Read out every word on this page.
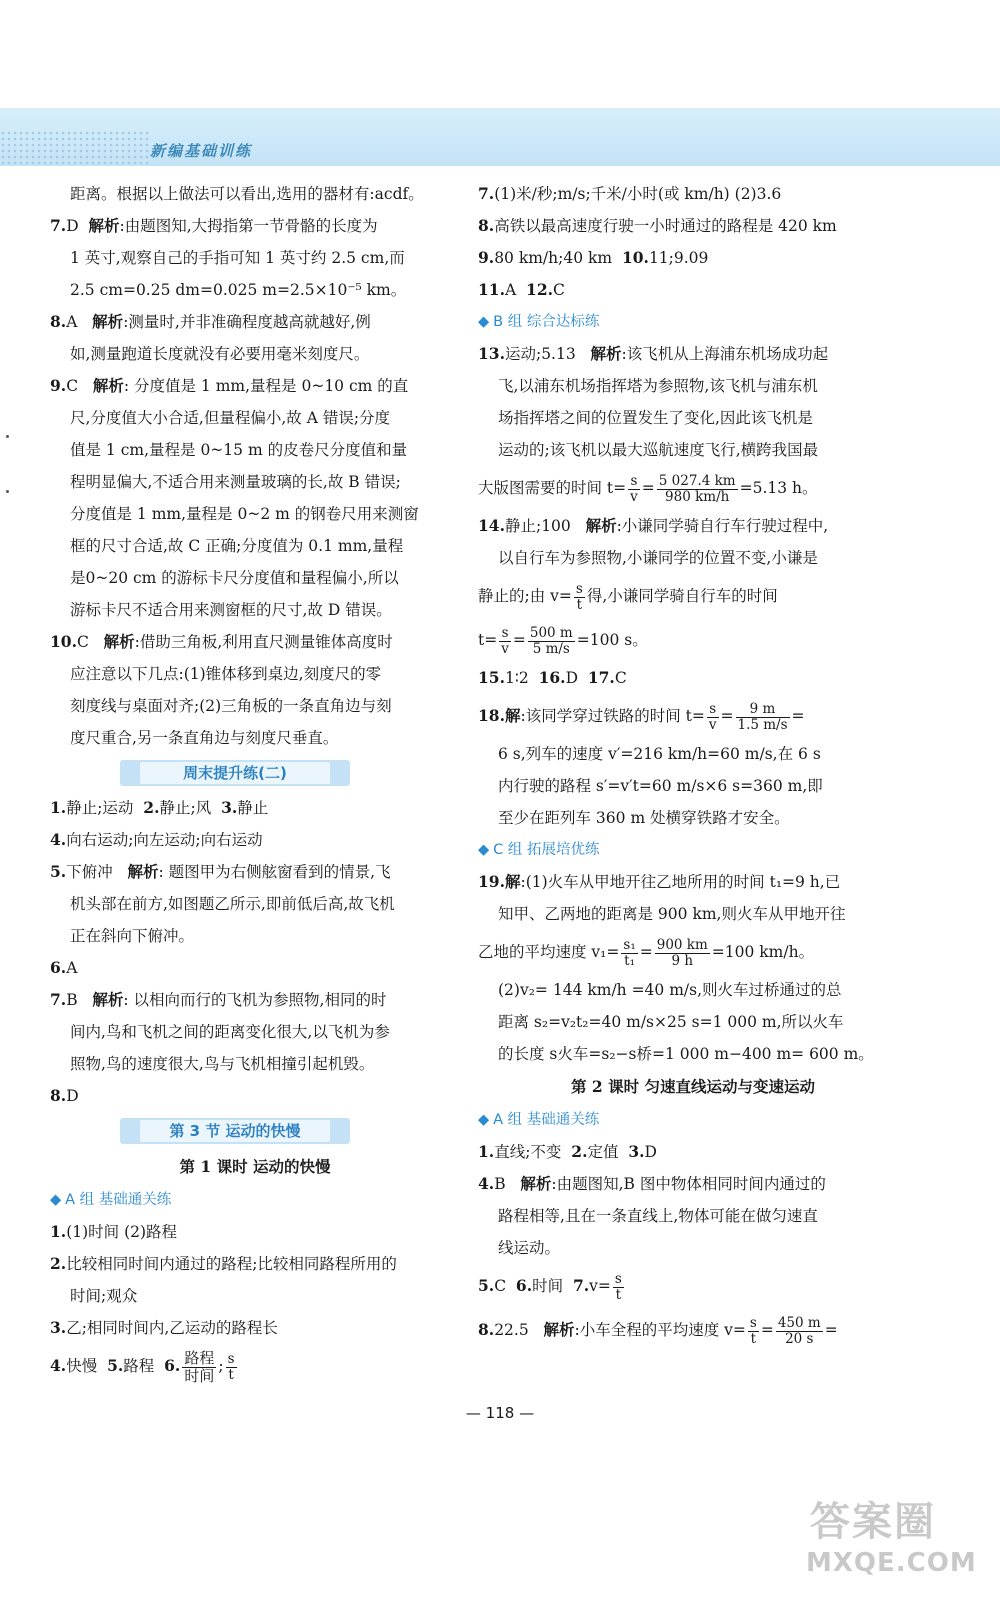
新编基础训练
距离。根据以上做法可以看出,选用的器材有:acdf。
7.D 解析:由题图知,大拇指第一节骨骼的长度为
1 英寸,观察自己的手指可知 1 英寸约 2.5 cm,而
2.5 cm=0.25 dm=0.025 m=2.5×10⁻⁵ km。
8.A 解析:测量时,并非准确程度越高就越好,例
如,测量跑道长度就没有必要用毫米刻度尺。
9.C 解析: 分度值是 1 mm,量程是 0~10 cm 的直
尺,分度值大小合适,但量程偏小,故 A 错误;分度
值是 1 cm,量程是 0~15 m 的皮卷尺分度值和量
程明显偏大,不适合用来测量玻璃的长,故 B 错误;
分度值是 1 mm,量程是 0~2 m 的钢卷尺用来测窗
框的尺寸合适,故 C 正确;分度值为 0.1 mm,量程
是0~20 cm 的游标卡尺分度值和量程偏小,所以
游标卡尺不适合用来测窗框的尺寸,故 D 错误。
10.C 解析:借助三角板,利用直尺测量锥体高度时
应注意以下几点:(1)锥体移到桌边,刻度尺的零
刻度线与桌面对齐;(2)三角板的一条直角边与刻
度尺重合,另一条直角边与刻度尺垂直。
周末提升练(二)
1.静止;运动 2.静止;风 3.静止
4.向右运动;向左运动;向右运动
5.下俯冲 解析: 题图甲为右侧舷窗看到的情景,飞
机头部在前方,如图题乙所示,即前低后高,故飞机
正在斜向下俯冲。
6.A
7.B 解析: 以相向而行的飞机为参照物,相同的时
间内,鸟和飞机之间的距离变化很大,以飞机为参
照物,鸟的速度很大,鸟与飞机相撞引起机毁。
8.D
第 3 节 运动的快慢
第 1 课时 运动的快慢
◆ A 组 基础通关练
1.(1)时间 (2)路程
2.比较相同时间内通过的路程;比较相同路程所用的
时间;观众
3.乙;相同时间内,乙运动的路程长
4.快慢 5.路程 6. $\frac{\text{路程}}{\text{时间}}$ ; $\frac{s}{t}$
7.(1)米/秒;m/s;千米/小时(或 km/h) (2)3.6
8.高铁以最高速度行驶一小时通过的路程是 420 km
9.80 km/h;40 km 10.11;9.09
11.A 12.C
◆ B 组 综合达标练
13.运动;5.13 解析:该飞机从上海浦东机场成功起
飞,以浦东机场指挥塔为参照物,该飞机与浦东机
场指挥塔之间的位置发生了变化,因此该飞机是
运动的;该飞机以最大巡航速度飞行,横跨我国最
大版图需要的时间 $t= \frac{s}{v} = \frac{5 027.4 km}{980 km/h} =5.13$ h。
14.静止;100 解析:小谦同学骑自行车行驶过程中,
以自行车为参照物,小谦同学的位置不变,小谦是
静止的;由 $v= \frac{s}{t}$ 得,小谦同学骑自行车的时间
$t= \frac{s}{v} = \frac{500 m}{5 m/s} =100$ s。
15.1∶2 16.D 17.C
18.解:该同学穿过铁路的时间 $t= \frac{s}{v} = \frac{9 m}{1.5 m/s}$ =
6 s,列车的速度 v′=216 km/h=60 m/s,在 6 s
内行驶的路程 s′=v′t=60 m/s×6 s=360 m,即
至少在距列车 360 m 处横穿铁路才安全。
◆ C 组 拓展培优练
19.解:(1)火车从甲地开往乙地所用的时间 t₁=9 h,已
知甲、乙两地的距离是 900 km,则火车从甲地开往
乙地的平均速度 $v_1= \frac{\text{s₁}}{\text{t₁}} = \frac{900 km}{9 h} =100$ km/h。
(2)v₂= 144 km/h =40 m/s,则火车过桥通过的总
距离 s₂=v₂t₂=40 m/s×25 s=1 000 m,所以火车
的长度 s火车=s₂−s桥=1 000 m−400 m= 600 m。
第 2 课时 匀速直线运动与变速运动
◆ A 组 基础通关练
1.直线;不变 2.定值 3.D
4.B 解析:由题图知,B 图中物体相同时间内通过的
路程相等,且在一条直线上,物体可能在做匀速直
线运动。
5.C 6.时间 $7.v= \frac{s}{t}$
8.22.5 解析:小车全程的平均速度 $v= \frac{s}{t} = \frac{450 m}{20 s}$ =
— 118 —
答案圈
MXQE.COM
